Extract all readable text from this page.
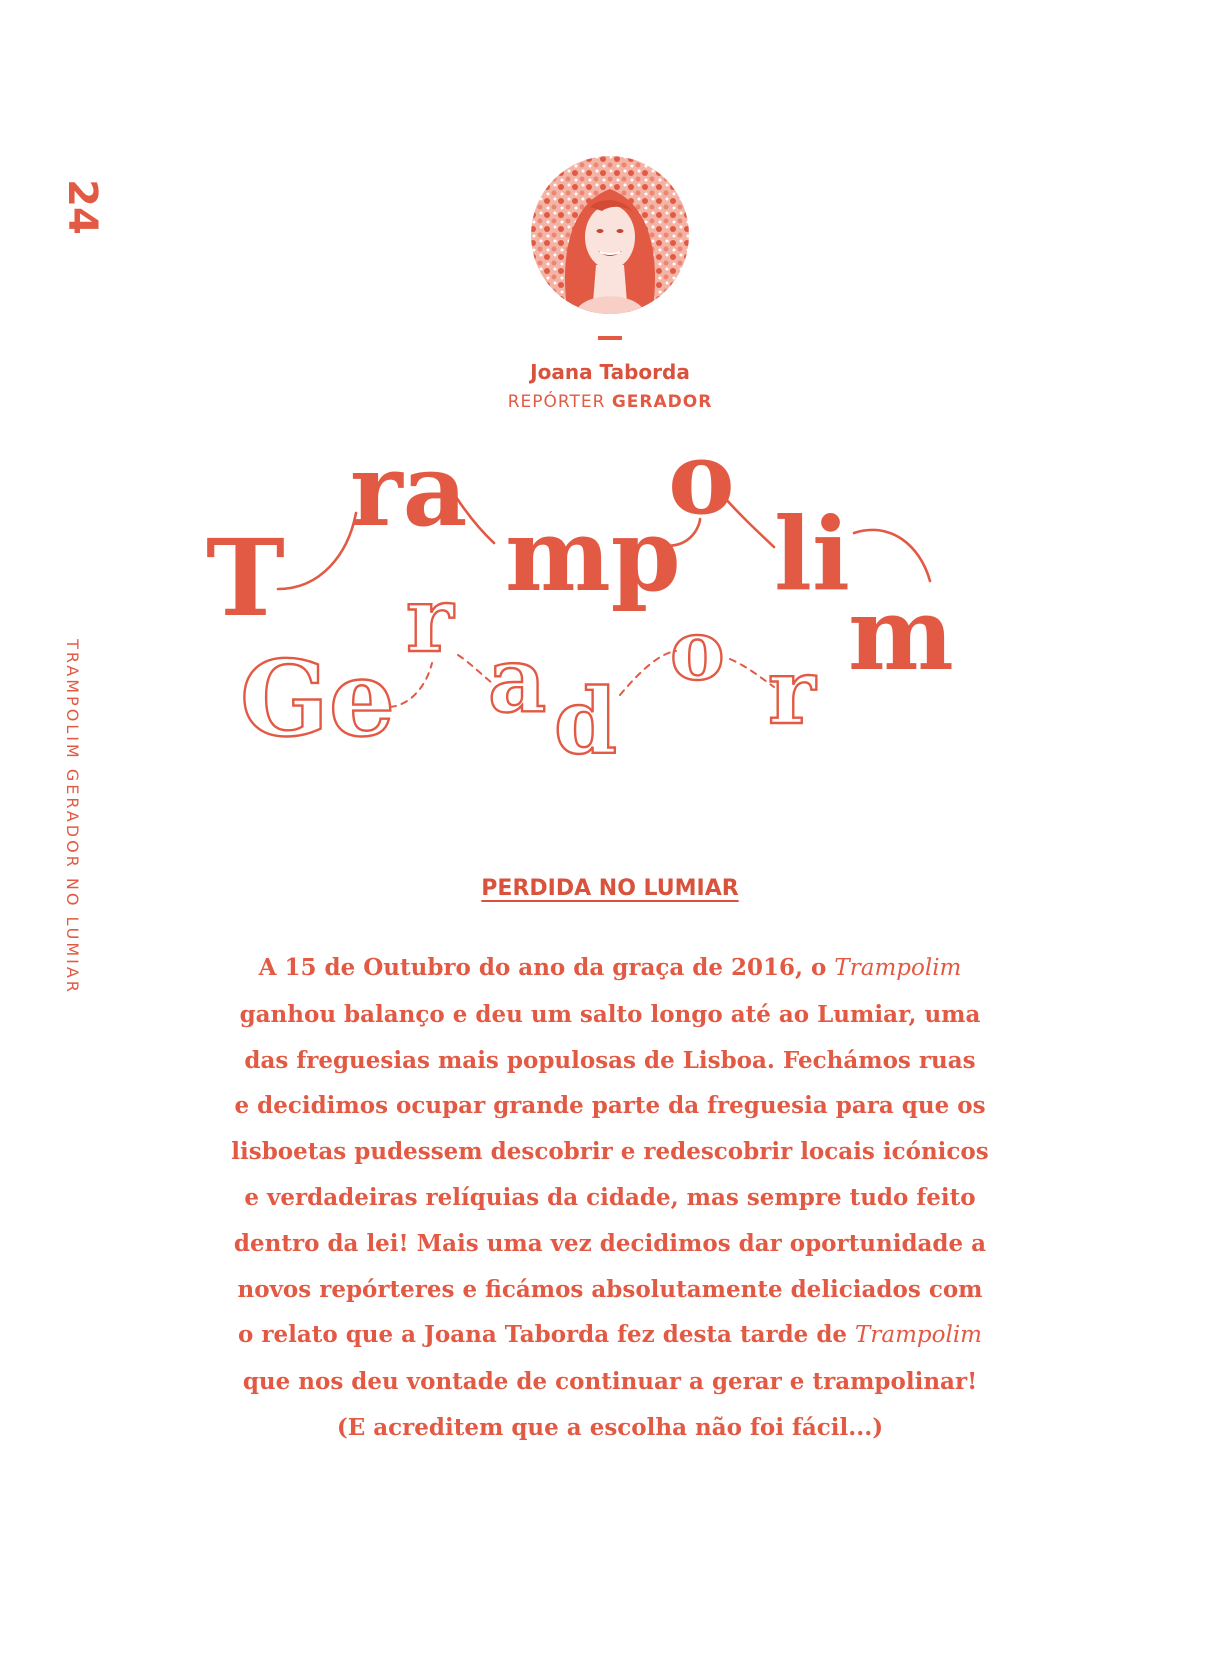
24
TRAMPOLIM GERADOR NO LUMIAR
Joana Taborda
REPÓRTER GERADOR
T
ra
mp
o
li
m
Ge
r
a d
o r
PERDIDA NO LUMIAR
A 15 de Outubro do ano da graça de 2016, o Trampolim
ganhou balanço e deu um salto longo até ao Lumiar, uma
das freguesias mais populosas de Lisboa. Fechámos ruas
e decidimos ocupar grande parte da freguesia para que os
lisboetas pudessem descobrir e redescobrir locais icónicos
e verdadeiras relíquias da cidade, mas sempre tudo feito
dentro da lei! Mais uma vez decidimos dar oportunidade a
novos repórteres e ficámos absolutamente deliciados com
o relato que a Joana Taborda fez desta tarde de Trampolim
que nos deu vontade de continuar a gerar e trampolinar!
(E acreditem que a escolha não foi fácil...)
